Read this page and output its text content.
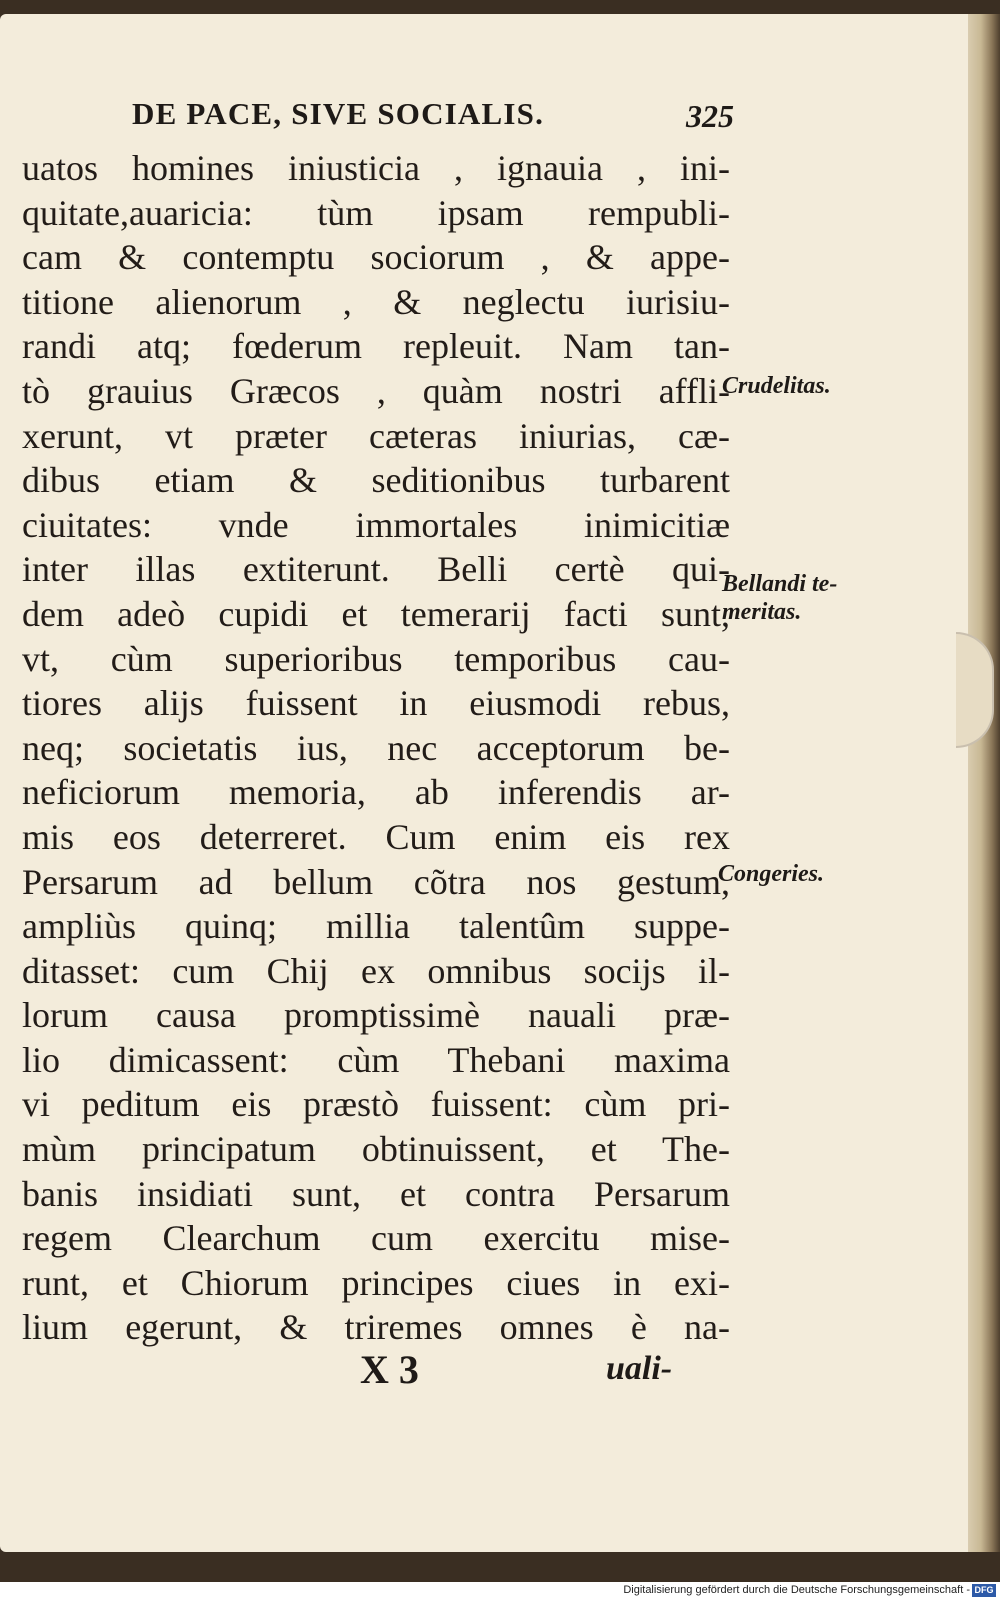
DE PACE, SIVE SOCIALIS.	325
uatos homines iniusticia , ignauia , ini-
quitate,auaricia: tùm ipsam rempubli-
cam & contemptu sociorum , & appe-
titione alienorum , & neglectu iurisiu-
randi atq; fœderum repleuit. Nam tan-
tò grauius Græcos , quàm nostri affli-
xerunt, vt præter cæteras iniurias, cæ-
dibus etiam & seditionibus turbarent
ciuitates: vnde immortales inimicitiæ
inter illas extiterunt. Belli certè qui-
dem adeò cupidi et temerarij facti sunt,
vt, cùm superioribus temporibus cau-
tiores alijs fuissent in eiusmodi rebus,
neq; societatis ius, nec acceptorum be-
neficiorum memoria, ab inferendis ar-
mis eos deterreret. Cum enim eis rex
Persarum ad bellum cõtra nos gestum,
ampliùs quinq; millia talentûm suppe-
ditasset: cum Chij ex omnibus socijs il-
lorum causa promptissimè nauali præ-
lio dimicassent: cùm Thebani maxima
vi peditum eis præstò fuissent: cùm pri-
mùm principatum obtinuissent, et The-
banis insidiati sunt, et contra Persarum
regem Clearchum cum exercitu mise-
runt, et Chiorum principes ciues in exi-
lium egerunt, & triremes omnes è na-
Crudelitas.
Bellandi te- meritas.
Congeries.
X 3	uali-
Digitalisierung gefördert durch die Deutsche Forschungsgemeinschaft - DFG
